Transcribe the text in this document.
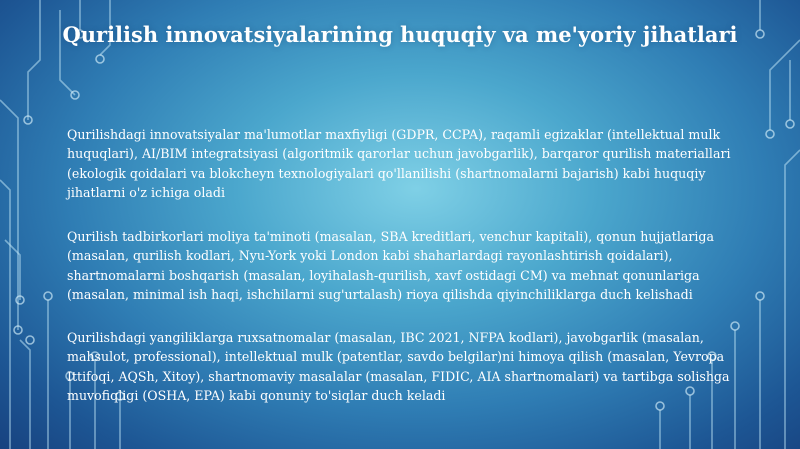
Qurilish innovatsiyalarining huquqiy va me'yoriy jihatlari

Qurilishdagi innovatsiyalar ma'lumotlar maxfiyligi (GDPR, CCPA), raqamli egizaklar (intellektual mulk huquqlari), AI/BIM integratsiyasi (algoritmik qarorlar uchun javobgarlik), barqaror qurilish materiallari (ekologik qoidalari va blokcheyn texnologiyalari qo'llanilishi (shartnomalarni bajarish) kabi huquqiy jihatlarni o'z ichiga oladi

Qurilish tadbirkorlari moliya ta'minoti (masalan, SBA kreditlari, venchur kapitali), qonun hujjatlariga (masalan, qurilish kodlari, Nyu-York yoki London kabi shaharlardagi rayonlashtirish qoidalari), shartnomalarni boshqarish (masalan, loyihalash-qurilish, xavf ostidagi CM) va mehnat qonunlariga (masalan, minimal ish haqi, ishchilarni sug'urtalash) rioya qilishda qiyinchiliklarga duch kelishadi

Qurilishdagi yangiliklarga ruxsatnomalar (masalan, IBC 2021, NFPA kodlari), javobgarlik (masalan, mahsulot, professional), intellektual mulk (patentlar, savdo belgilar)ni himoya qilish (masalan, Yevropa Ittifoqi, AQSh, Xitoy), shartnomaviy masalalar (masalan, FIDIC, AIA shartnomalari) va tartibga solishga muvofiqligi (OSHA, EPA) kabi qonuniy to'siqlar duch keladi
